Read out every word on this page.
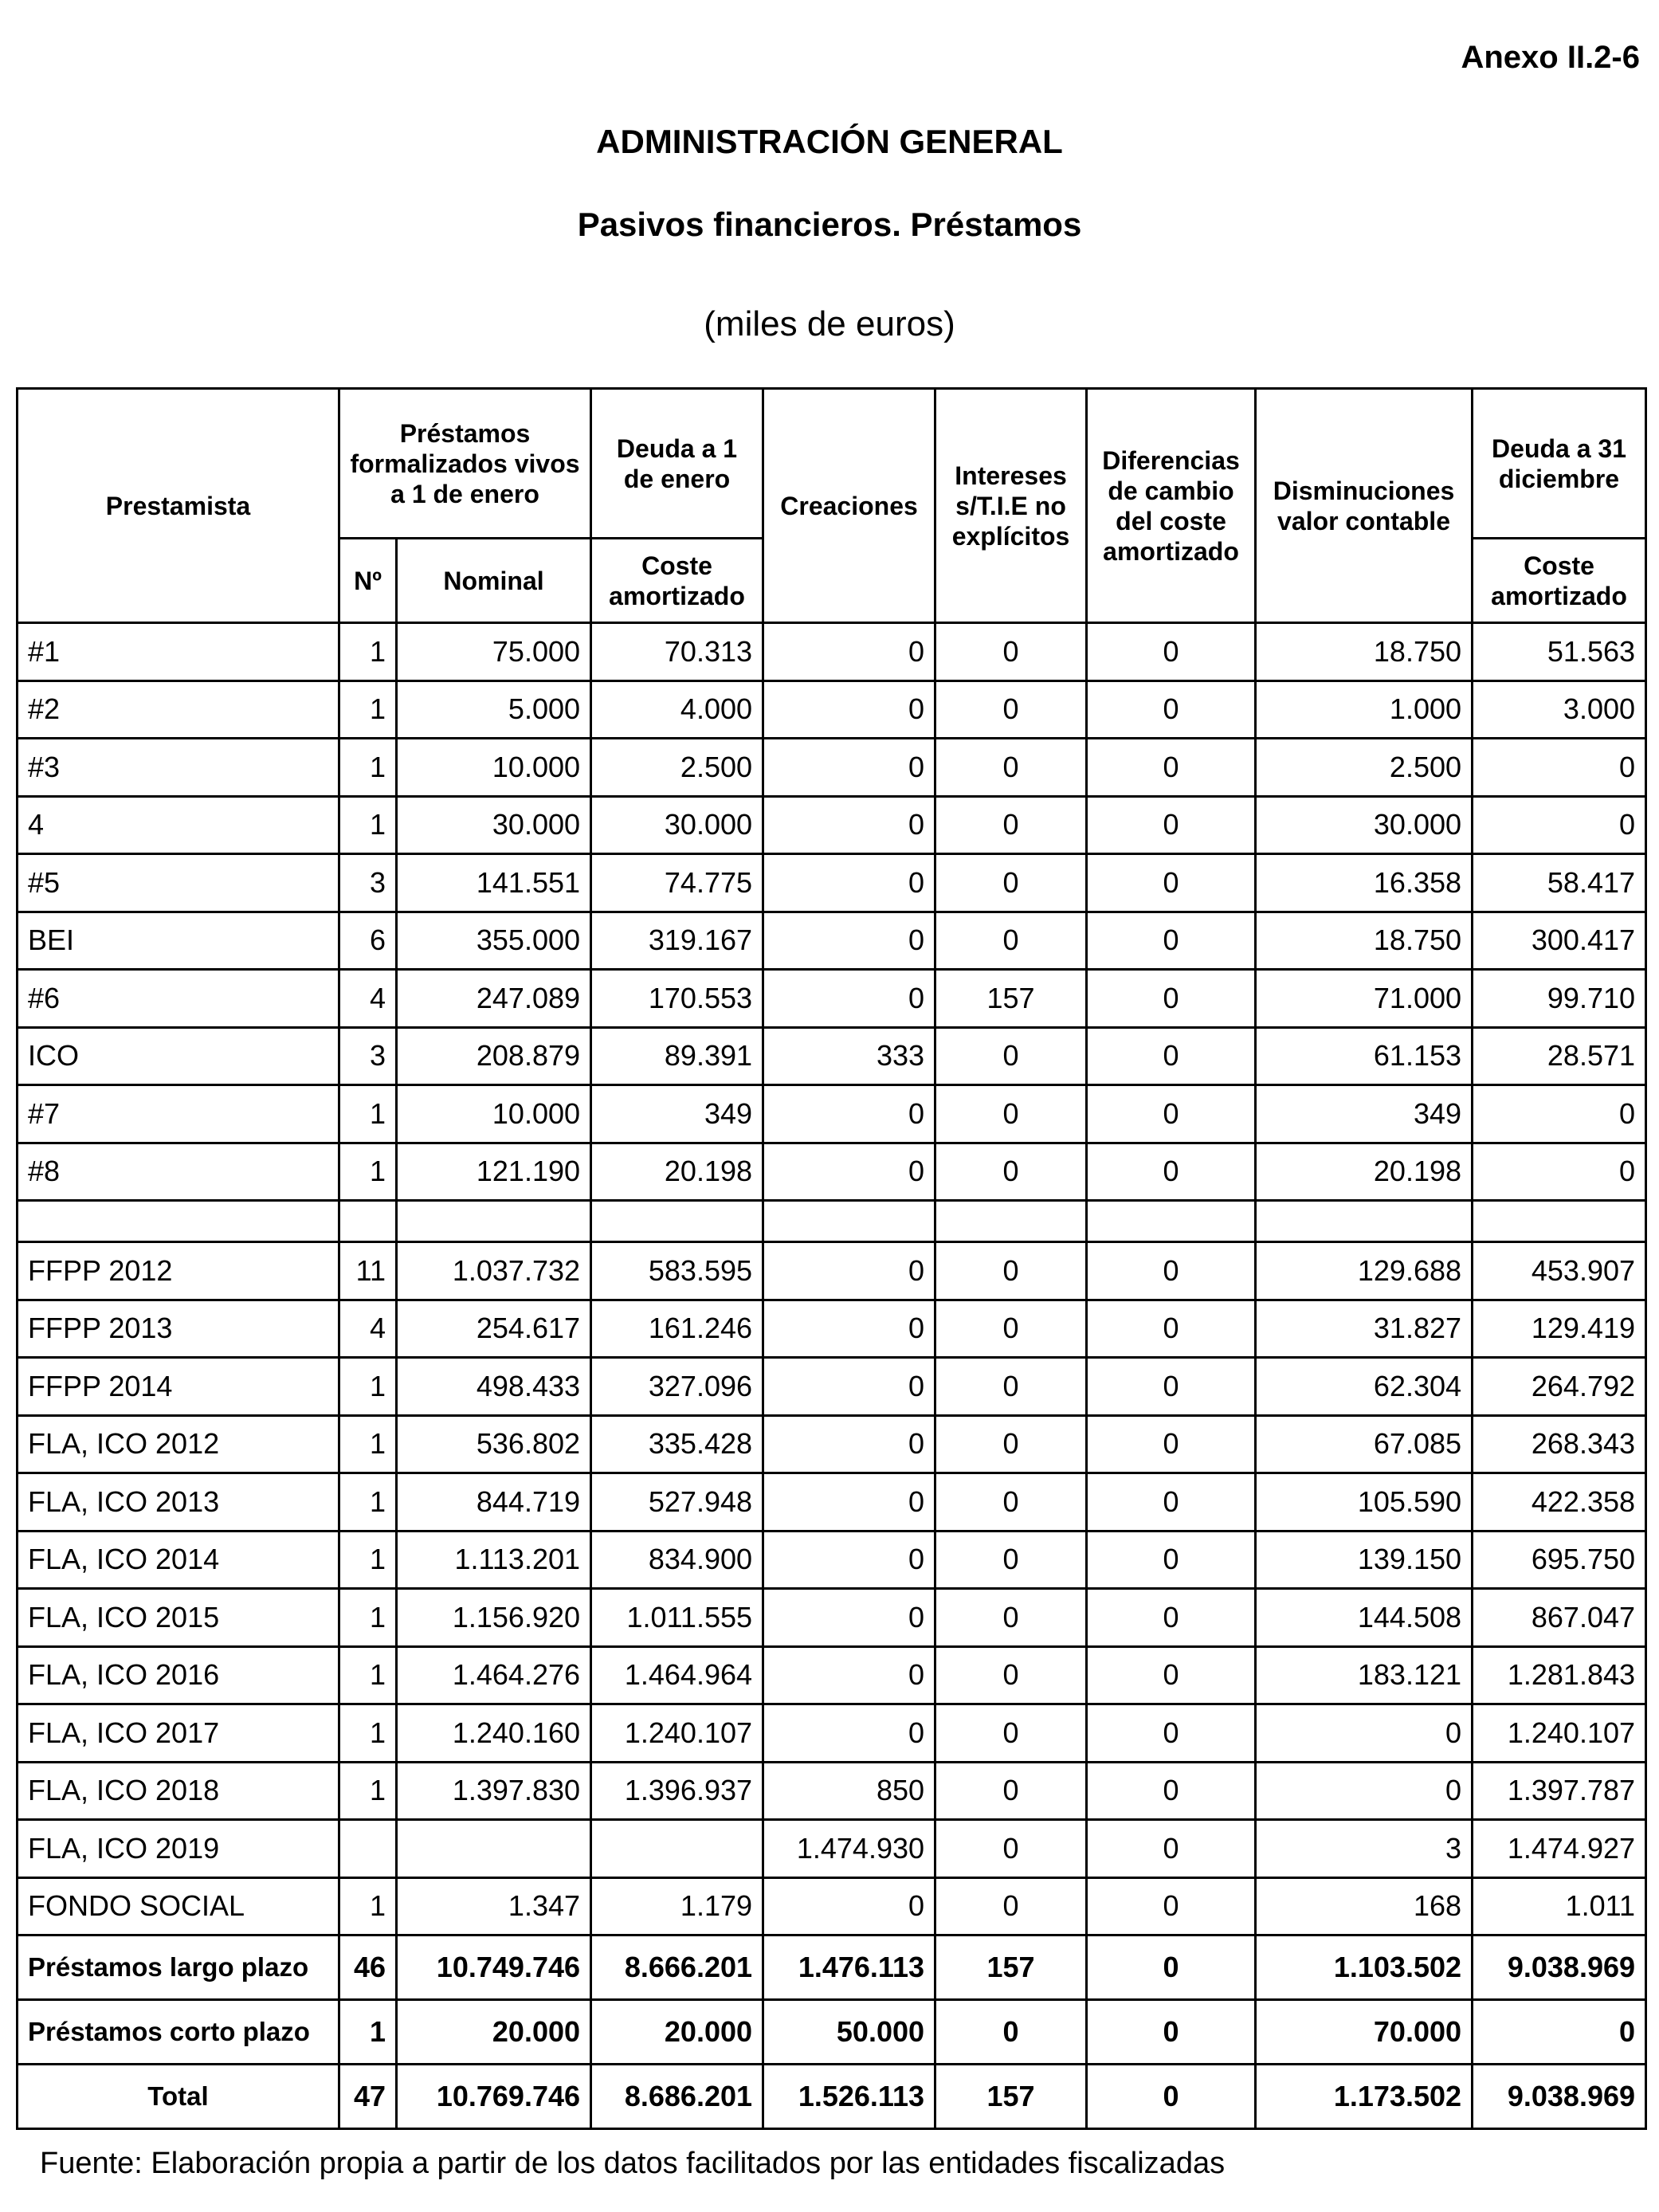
Anexo II.2-6
ADMINISTRACIÓN GENERAL
Pasivos financieros. Préstamos
(miles de euros)
Prestamista	Préstamos formalizados vivos a 1 de enero		Deuda a 1 de enero	Creaciones	Intereses s/T.I.E no explícitos	Diferencias de cambio del coste amortizado	Disminuciones valor contable	Deuda a 31 diciembre
	Nº	Nominal	Coste amortizado					Coste amortizado
#1	1	75.000	70.313	0	0	0	18.750	51.563
#2	1	5.000	4.000	0	0	0	1.000	3.000
#3	1	10.000	2.500	0	0	0	2.500	0
4	1	30.000	30.000	0	0	0	30.000	0
#5	3	141.551	74.775	0	0	0	16.358	58.417
BEI	6	355.000	319.167	0	0	0	18.750	300.417
#6	4	247.089	170.553	0	157	0	71.000	99.710
ICO	3	208.879	89.391	333	0	0	61.153	28.571
#7	1	10.000	349	0	0	0	349	0
#8	1	121.190	20.198	0	0	0	20.198	0

FFPP 2012	11	1.037.732	583.595	0	0	0	129.688	453.907
FFPP 2013	4	254.617	161.246	0	0	0	31.827	129.419
FFPP 2014	1	498.433	327.096	0	0	0	62.304	264.792
FLA, ICO 2012	1	536.802	335.428	0	0	0	67.085	268.343
FLA, ICO 2013	1	844.719	527.948	0	0	0	105.590	422.358
FLA, ICO 2014	1	1.113.201	834.900	0	0	0	139.150	695.750
FLA, ICO 2015	1	1.156.920	1.011.555	0	0	0	144.508	867.047
FLA, ICO 2016	1	1.464.276	1.464.964	0	0	0	183.121	1.281.843
FLA, ICO 2017	1	1.240.160	1.240.107	0	0	0	0	1.240.107
FLA, ICO 2018	1	1.397.830	1.396.937	850	0	0	0	1.397.787
FLA, ICO 2019				1.474.930	0	0	3	1.474.927
FONDO SOCIAL	1	1.347	1.179	0	0	0	168	1.011
Préstamos largo plazo	46	10.749.746	8.666.201	1.476.113	157	0	1.103.502	9.038.969
Préstamos corto plazo	1	20.000	20.000	50.000	0	0	70.000	0
Total	47	10.769.746	8.686.201	1.526.113	157	0	1.173.502	9.038.969
Fuente: Elaboración propia a partir de los datos facilitados por las entidades fiscalizadas
